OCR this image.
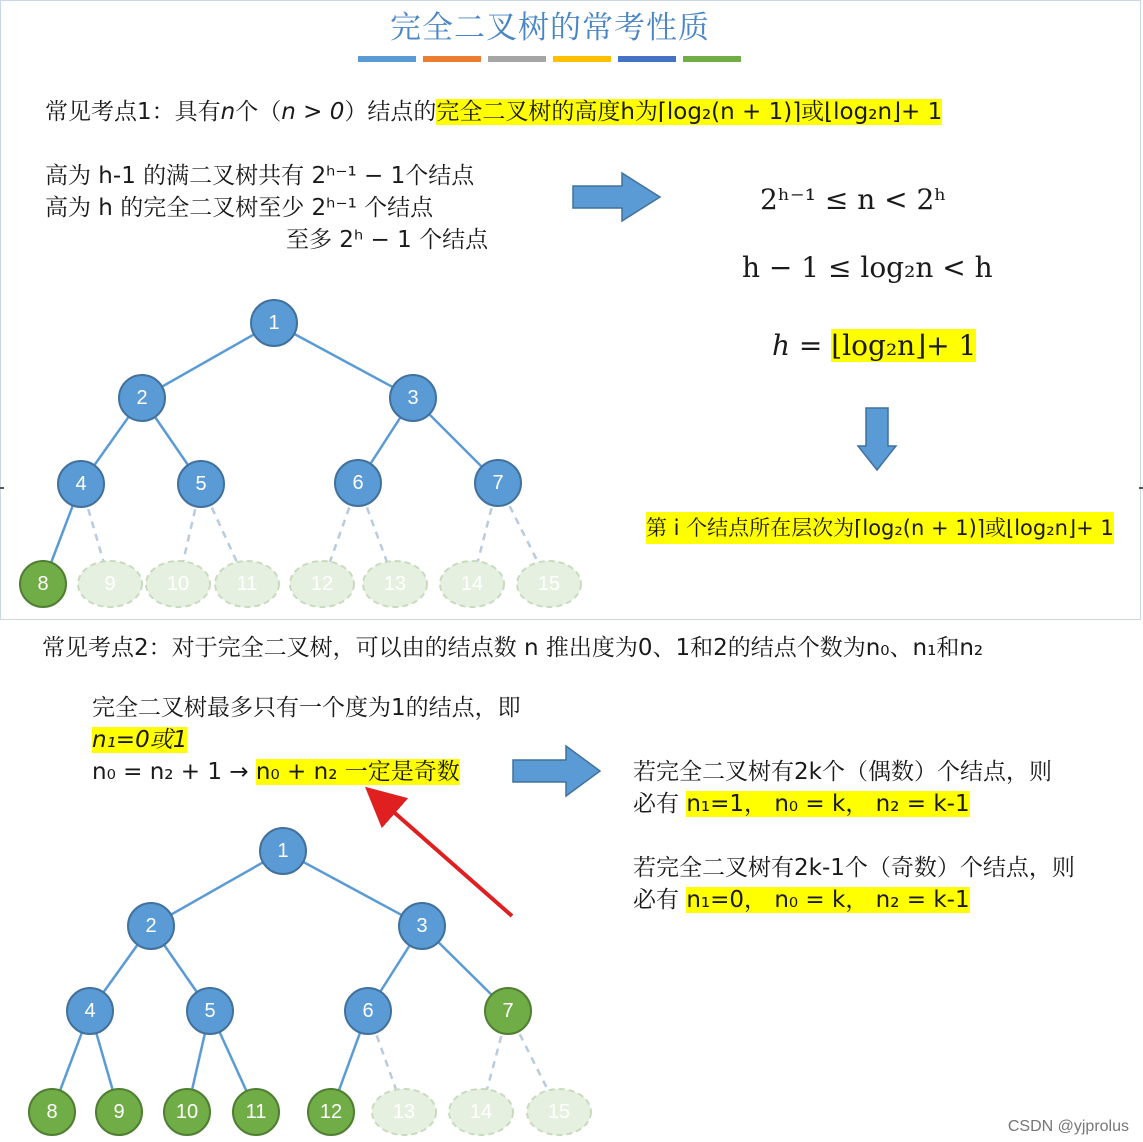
完全二叉树的常考性质
常见考点1：具有n个（n > 0）结点的完全二叉树的高度h为⌈log₂(n + 1)⌉或⌊log₂n⌋+ 1
高为 h-1 的满二叉树共有 2ʰ⁻¹ − 1个结点
高为 h 的完全二叉树至少 2ʰ⁻¹ 个结点
至多 2ʰ − 1 个结点
2ʰ⁻¹ ≤ n < 2ʰ
h − 1 ≤ log₂n < h
h = ⌊log₂n⌋+ 1
第 i 个结点所在层次为⌈log₂(n + 1)⌉或⌊log₂n⌋+ 1
常见考点2：对于完全二叉树，可以由的结点数 n 推出度为0、1和2的结点个数为n₀、n₁和n₂
完全二叉树最多只有一个度为1的结点，即
n₁=0或1
n₀ = n₂ + 1 → n₀ + n₂ 一定是奇数	若完全二叉树有2k个（偶数）个结点，则
必有 n₁=1， n₀ = k， n₂ = k-1
若完全二叉树有2k-1个（奇数）个结点，则
必有 n₁=0， n₀ = k， n₂ = k-1
1
2	3
4	5	6	7
8	9	10 11	12	13	14	15
1
2	3
4	5	6	7
8	9	10 11	12	13	14	15
CSDN @yjprolus
